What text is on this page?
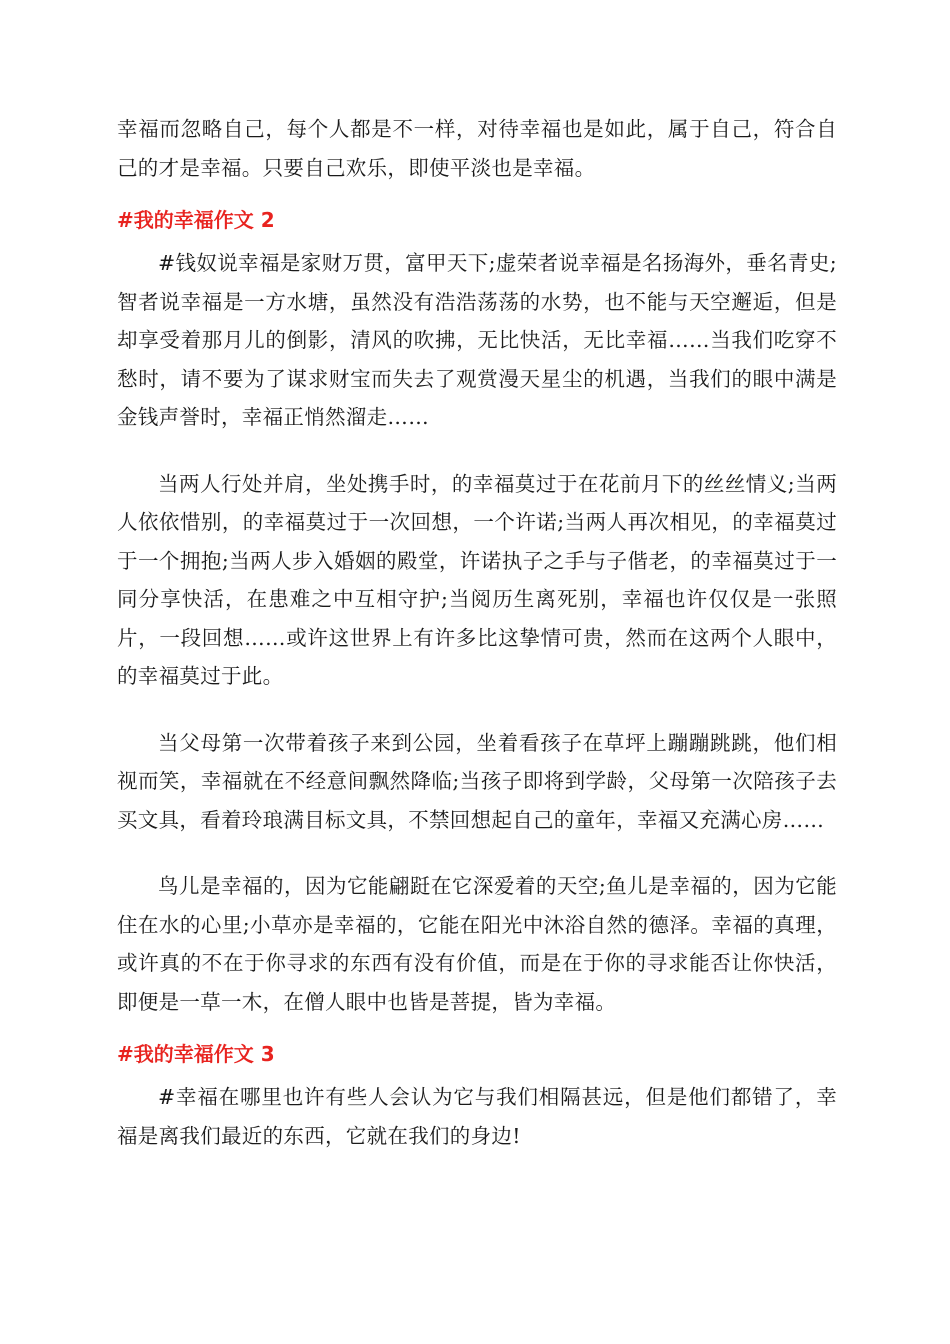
幸福而忽略自己，每个人都是不一样，对待幸福也是如此，属于自己，符合自己的才是幸福。只要自己欢乐，即使平淡也是幸福。

#我的幸福作文 2

#钱奴说幸福是家财万贯，富甲天下;虚荣者说幸福是名扬海外，垂名青史;智者说幸福是一方水塘，虽然没有浩浩荡荡的水势，也不能与天空邂逅，但是却享受着那月儿的倒影，清风的吹拂，无比快活，无比幸福……当我们吃穿不愁时，请不要为了谋求财宝而失去了观赏漫天星尘的机遇，当我们的眼中满是金钱声誉时，幸福正悄然溜走……

当两人行处并肩，坐处携手时，的幸福莫过于在花前月下的丝丝情义;当两人依依惜别，的幸福莫过于一次回想，一个许诺;当两人再次相见，的幸福莫过于一个拥抱;当两人步入婚姻的殿堂，许诺执子之手与子偕老，的幸福莫过于一同分享快活，在患难之中互相守护;当阅历生离死别，幸福也许仅仅是一张照片，一段回想……或许这世界上有许多比这挚情可贵，然而在这两个人眼中，的幸福莫过于此。

当父母第一次带着孩子来到公园，坐着看孩子在草坪上蹦蹦跳跳，他们相视而笑，幸福就在不经意间飘然降临;当孩子即将到学龄，父母第一次陪孩子去买文具，看着玲琅满目标文具，不禁回想起自己的童年，幸福又充满心房……

鸟儿是幸福的，因为它能翩跹在它深爱着的天空;鱼儿是幸福的，因为它能住在水的心里;小草亦是幸福的，它能在阳光中沐浴自然的德泽。幸福的真理，或许真的不在于你寻求的东西有没有价值，而是在于你的寻求能否让你快活，即便是一草一木，在僧人眼中也皆是菩提，皆为幸福。

#我的幸福作文 3

#幸福在哪里也许有些人会认为它与我们相隔甚远，但是他们都错了，幸福是离我们最近的东西，它就在我们的身边!
